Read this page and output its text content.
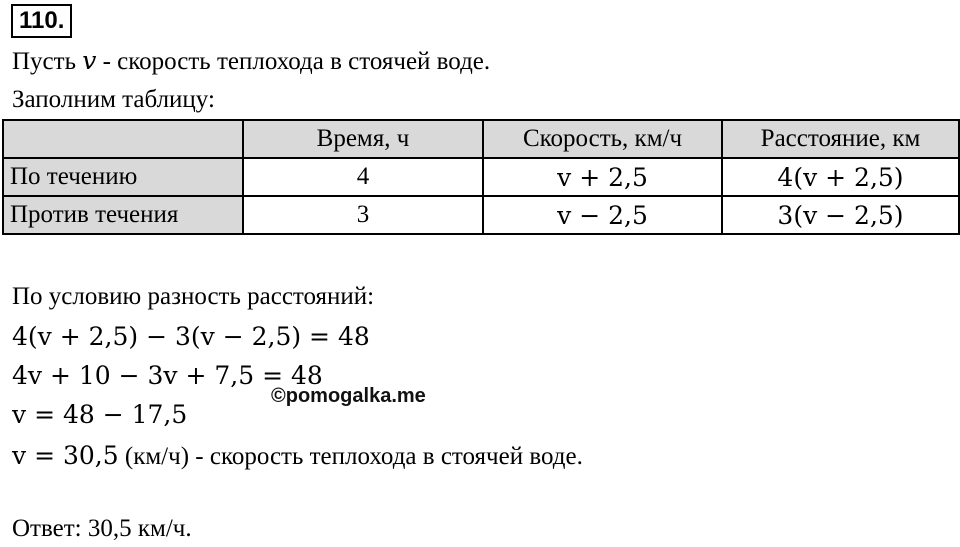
110.
Пусть v - скорость теплохода в стоячей воде.
Заполним таблицу:
	Время, ч	Скорость, км/ч	Расстояние, км
По течению	4	v + 2,5	4(v + 2,5)
Против течения	3	v − 2,5	3(v − 2,5)
По условию разность расстояний:
4(v + 2,5) − 3(v − 2,5) = 48
4v + 10 − 3v + 7,5 = 48
v = 48 − 17,5
v = 30,5 (км/ч) - скорость теплохода в стоячей воде.
©pomogalka.me
Ответ: 30,5 км/ч.
